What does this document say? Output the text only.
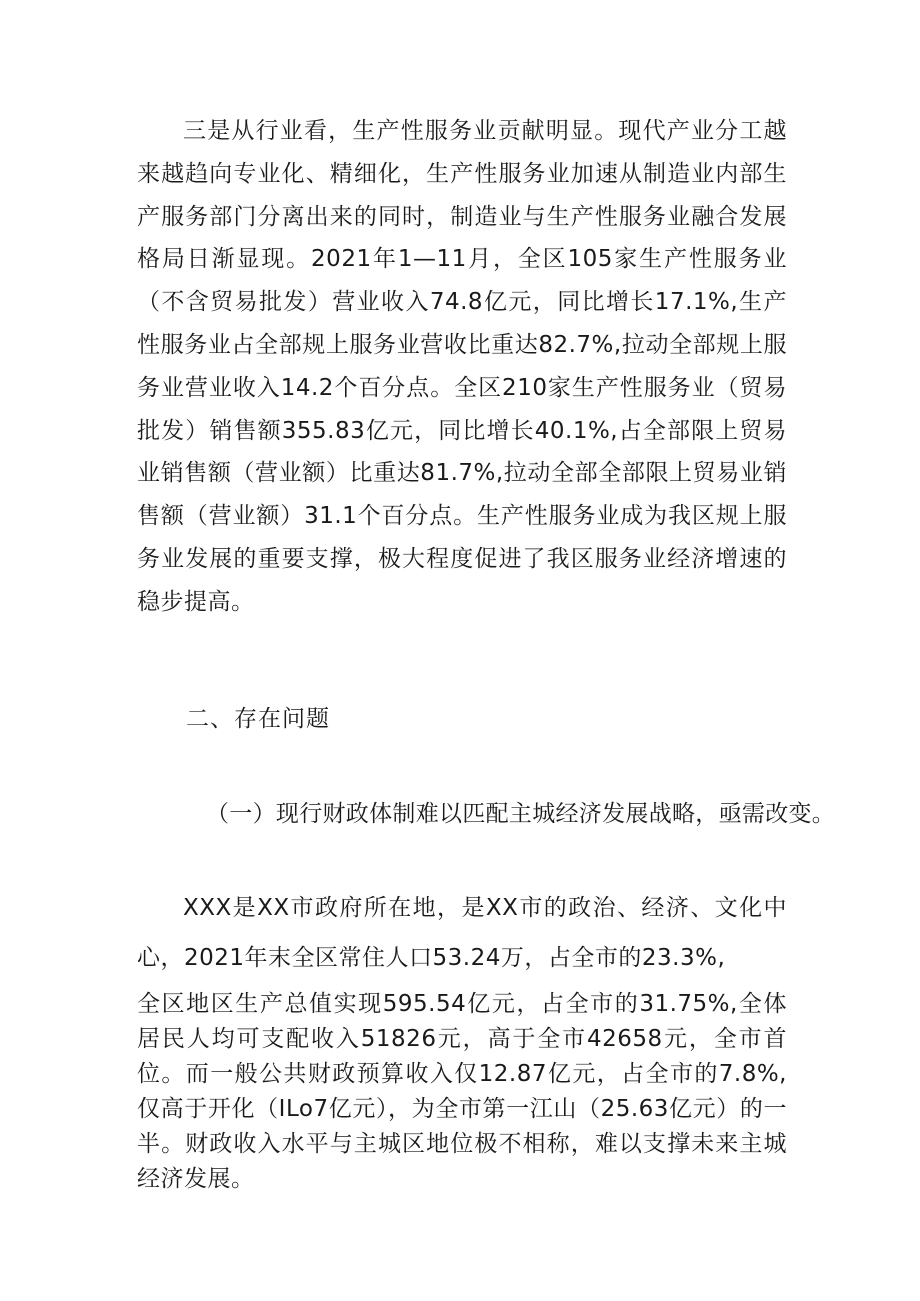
三是从行业看，生产性服务业贡献明显。现代产业分工越来越趋向专业化、精细化，生产性服务业加速从制造业内部生产服务部门分离出来的同时，制造业与生产性服务业融合发展格局日渐显现。2021年1—11月，全区105家生产性服务业（不含贸易批发）营业收入74.8亿元，同比增长17.1%,生产性服务业占全部规上服务业营收比重达82.7%,拉动全部规上服务业营业收入14.2个百分点。全区210家生产性服务业（贸易批发）销售额355.83亿元，同比增长40.1%,占全部限上贸易业销售额（营业额）比重达81.7%,拉动全部全部限上贸易业销售额（营业额）31.1个百分点。生产性服务业成为我区规上服务业发展的重要支撑，极大程度促进了我区服务业经济增速的稳步提高。

二、存在问题
（一）现行财政体制难以匹配主城经济发展战略，亟需改变。

XXX是XX市政府所在地，是XX市的政治、经济、文化中心，2021年末全区常住人口53.24万，占全市的23.3%,

全区地区生产总值实现595.54亿元，占全市的31.75%,全体居民人均可支配收入51826元，高于全市42658元，全市首位。而一般公共财政预算收入仅12.87亿元，占全市的7.8%,仅高于开化（ILo7亿元），为全市第一江山（25.63亿元）的一半。财政收入水平与主城区地位极不相称，难以支撑未来主城经济发展。
